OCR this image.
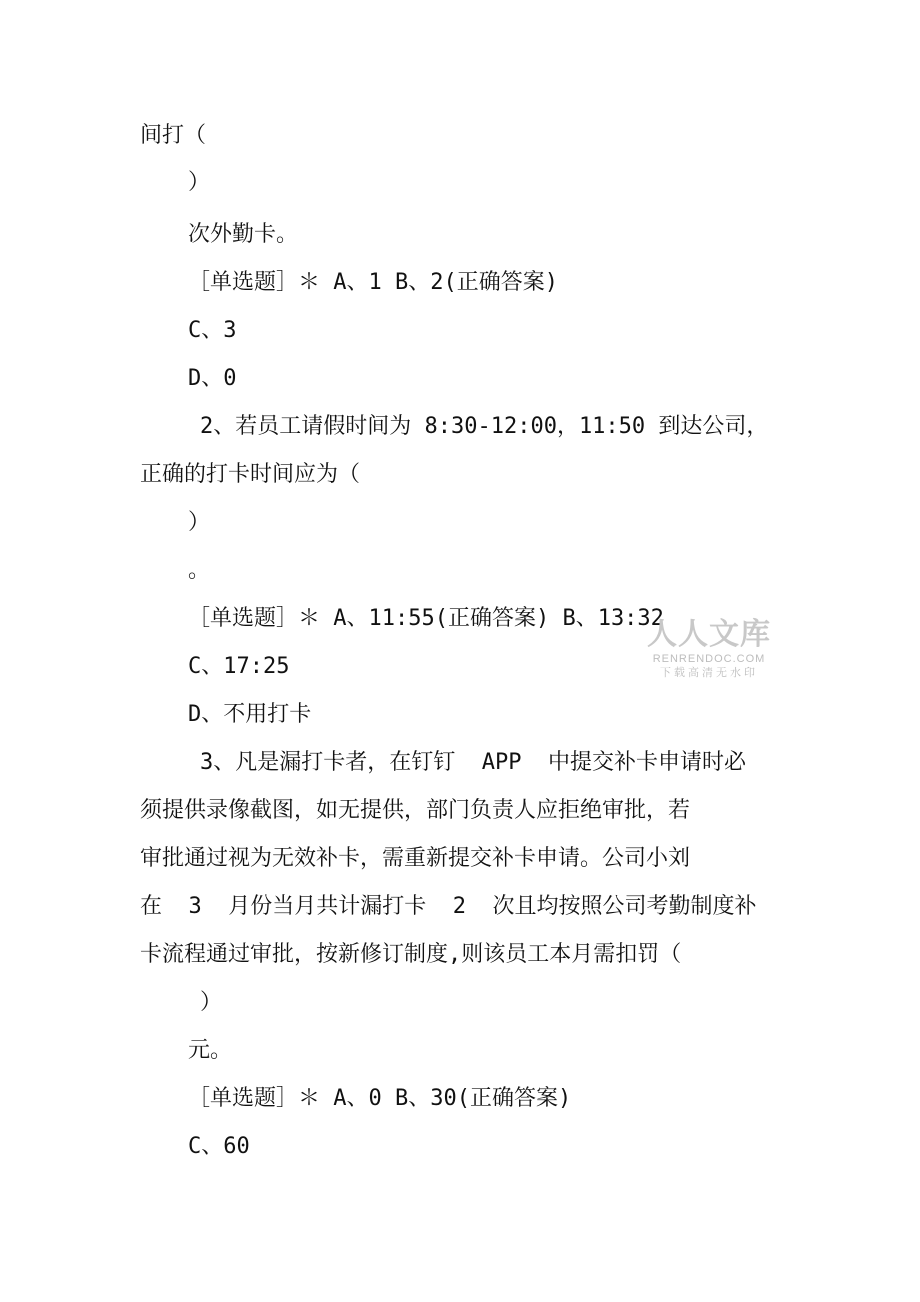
间打（
）
次外勤卡。
［单选题］＊ A、1 B、2(正确答案)
C、3
D、0
2、若员工请假时间为 8:30-12:00，11:50 到达公司，
正确的打卡时间应为（
）
。
［单选题］＊ A、11:55(正确答案) B、13:32
C、17:25
D、不用打卡
3、凡是漏打卡者，在钉钉  APP  中提交补卡申请时必
须提供录像截图，如无提供，部门负责人应拒绝审批，若
审批通过视为无效补卡，需重新提交补卡申请。公司小刘
在  3  月份当月共计漏打卡  2  次且均按照公司考勤制度补
卡流程通过审批，按新修订制度,则该员工本月需扣罚（
）
元。
［单选题］＊ A、0 B、30(正确答案)
C、60
人人文库
RENRENDOC.COM
下载高清无水印
